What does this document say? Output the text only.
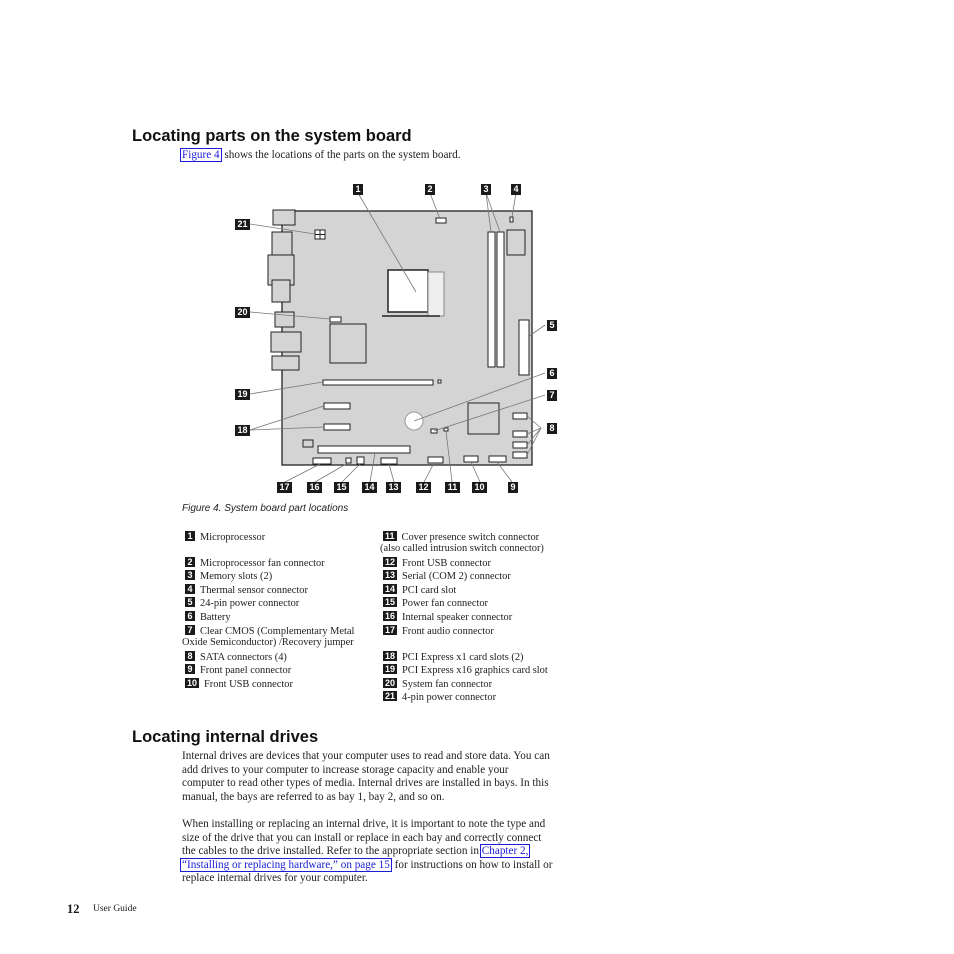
Locating parts on the system board
Figure 4 shows the locations of the parts on the system board.
1	2	3	4
21
20
5
6
19	7
8
18
17 16 15 14 13 12	11	10	9
Figure 4. System board part locations
1 Microprocessor
2 Microprocessor fan connector
3 Memory slots (2)
4 Thermal sensor connector
5 24-pin power connector
6 Battery
7 Clear CMOS (Complementary Metal
Oxide Semiconductor) /Recovery jumper
8 SATA connectors (4)
9 Front panel connector
10 Front USB connector
11 Cover presence switch connector
(also called intrusion switch connector)
12 Front USB connector
13 Serial (COM 2) connector
14 PCI card slot
15 Power fan connector
16 Internal speaker connector
17 Front audio connector
18 PCI Express x1 card slots (2)
19 PCI Express x16 graphics card slot
20 System fan connector
21 4-pin power connector
Locating internal drives
Internal drives are devices that your computer uses to read and store data. You can
add drives to your computer to increase storage capacity and enable your
computer to read other types of media. Internal drives are installed in bays. In this
manual, the bays are referred to as bay 1, bay 2, and so on.
When installing or replacing an internal drive, it is important to note the type and
size of the drive that you can install or replace in each bay and correctly connect
the cables to the drive installed. Refer to the appropriate section in Chapter 2,
“Installing or replacing hardware,” on page 15 for instructions on how to install or
replace internal drives for your computer.
12 User Guide
